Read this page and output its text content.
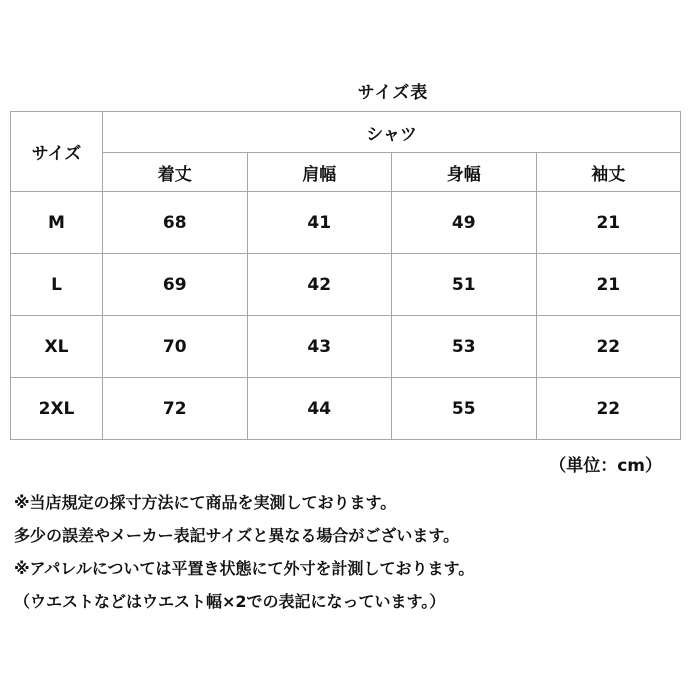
サイズ表
サイズ	シャツ			
	着丈	肩幅	身幅	袖丈
M	68	41	49	21
L	69	42	51	21
XL	70	43	53	22
2XL	72	44	55	22
（単位：cm）
※当店規定の採寸方法にて商品を実測しております。
多少の誤差やメーカー表記サイズと異なる場合がございます。
※アパレルについては平置き状態にて外寸を計測しております。
（ウエストなどはウエスト幅×2での表記になっています。）
